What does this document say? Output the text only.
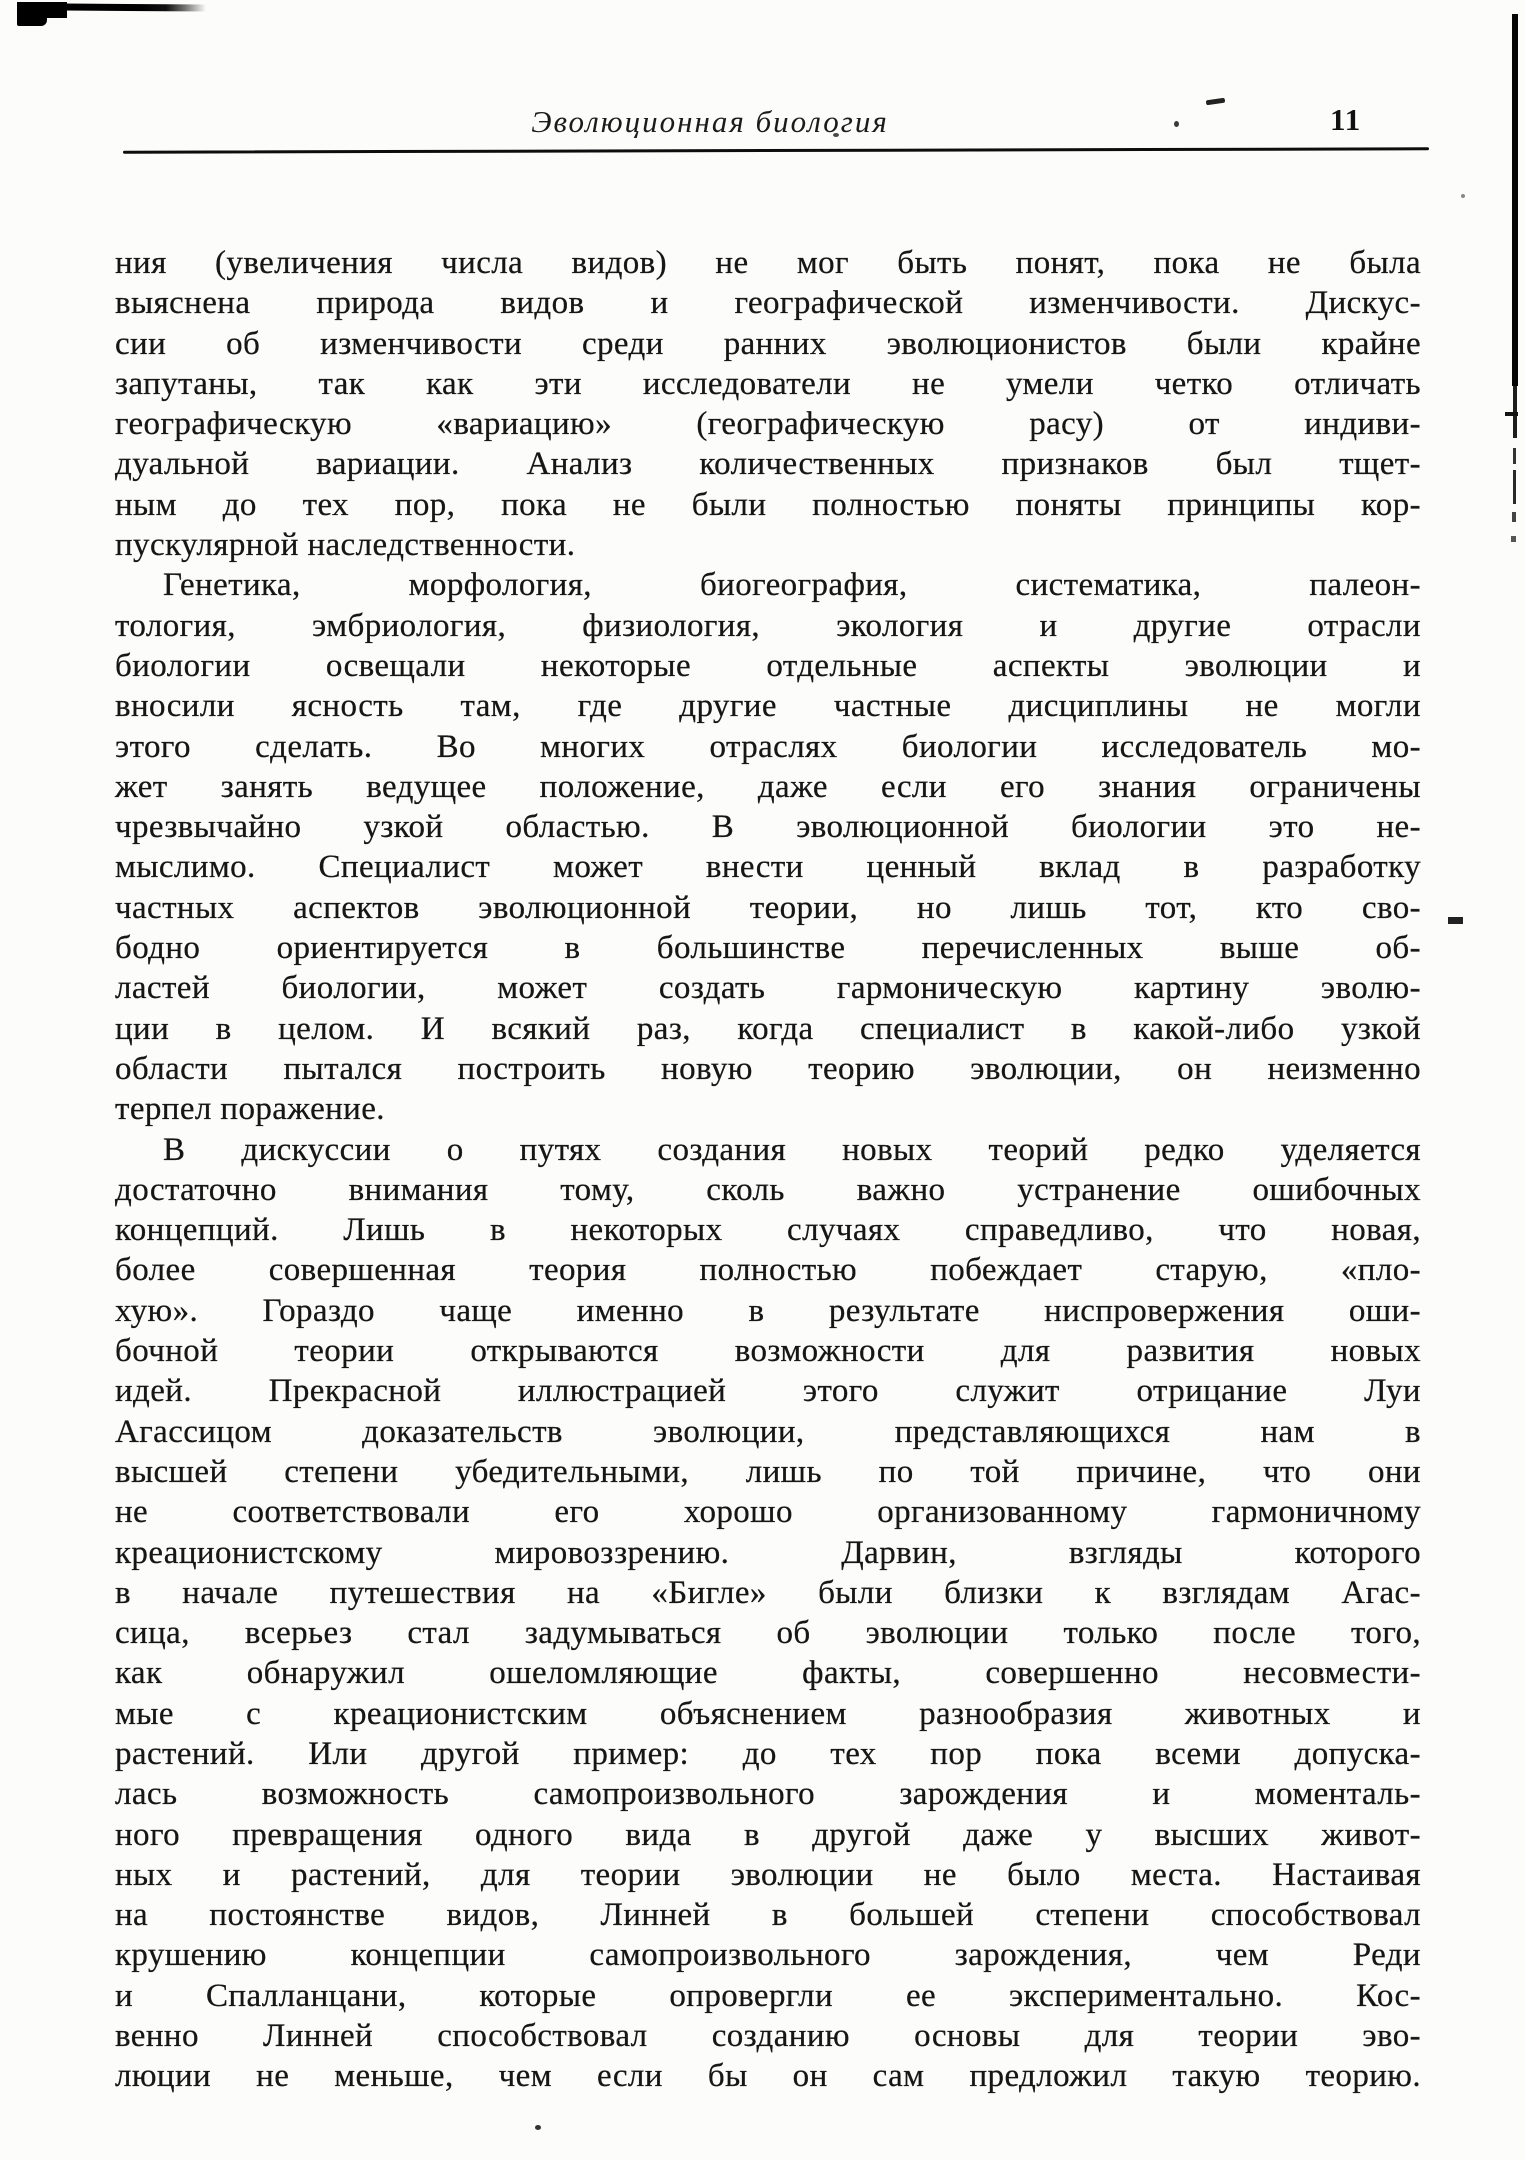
Эволюционная биология	11
ния (увеличения числа видов) не мог быть понят, пока не была
выяснена природа видов и географической изменчивости. Дискус-
сии об изменчивости среди ранних эволюционистов были крайне
запутаны, так как эти исследователи не умели четко отличать
географическую «вариацию» (географическую расу) от индиви-
дуальной вариации. Анализ количественных признаков был тщет-
ным до тех пор, пока не были полностью поняты принципы кор-
пускулярной наследственности.
Генетика, морфология, биогеография, систематика, палеон-
тология, эмбриология, физиология, экология и другие отрасли
биологии освещали некоторые отдельные аспекты эволюции и
вносили ясность там, где другие частные дисциплины не могли
этого сделать. Во многих отраслях биологии исследователь мо-
жет занять ведущее положение, даже если его знания ограничены
чрезвычайно узкой областью. В эволюционной биологии это не-
мыслимо. Специалист может внести ценный вклад в разработку
частных аспектов эволюционной теории, но лишь тот, кто сво-
бодно ориентируется в большинстве перечисленных выше об-
ластей биологии, может создать гармоническую картину эволю-
ции в целом. И всякий раз, когда специалист в какой-либо узкой
области пытался построить новую теорию эволюции, он неизменно
терпел поражение.
В дискуссии о путях создания новых теорий редко уделяется
достаточно внимания тому, сколь важно устранение ошибочных
концепций. Лишь в некоторых случаях справедливо, что новая,
более совершенная теория полностью побеждает старую, «пло-
хую». Гораздо чаще именно в результате ниспровержения оши-
бочной теории открываются возможности для развития новых
идей. Прекрасной иллюстрацией этого служит отрицание Луи
Агассицом доказательств эволюции, представляющихся нам в
высшей степени убедительными, лишь по той причине, что они
не соответствовали его хорошо организованному гармоничному
креационистскому мировоззрению. Дарвин, взгляды которого
в начале путешествия на «Бигле» были близки к взглядам Агас-
сица, всерьез стал задумываться об эволюции только после того,
как обнаружил ошеломляющие факты, совершенно несовмести-
мые с креационистским объяснением разнообразия животных и
растений. Или другой пример: до тех пор пока всеми допуска-
лась возможность самопроизвольного зарождения и моменталь-
ного превращения одного вида в другой даже у высших живот-
ных и растений, для теории эволюции не было места. Настаивая
на постоянстве видов, Линней в большей степени способствовал
крушению концепции самопроизвольного зарождения, чем Реди
и Спалланцани, которые опровергли ее экспериментально. Кос-
венно Линней способствовал созданию основы для теории эво-
люции не меньше, чем если бы он сам предложил такую теорию.
